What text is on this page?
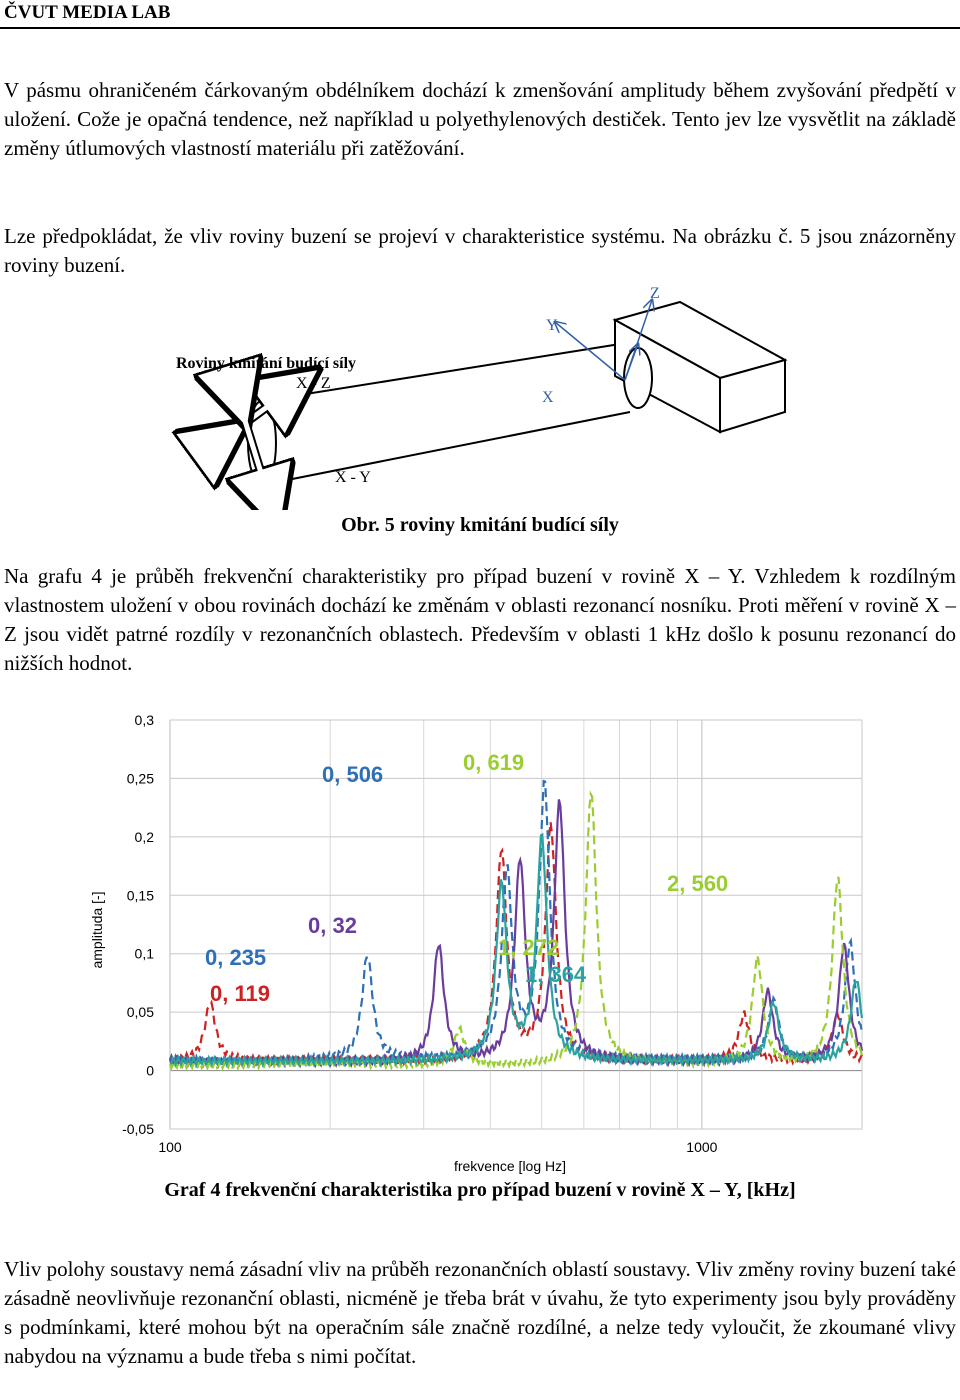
ČVUT MEDIA LAB

V pásmu ohraničeném čárkovaným obdélníkem dochází k zmenšování amplitudy během zvyšování předpětí v uložení. Cože je opačná tendence, než například u polyethylenových destiček. Tento jev lze vysvětlit na základě změny útlumových vlastností materiálu při zatěžování.

Lze předpokládat, že vliv roviny buzení se projeví v charakteristice systému. Na obrázku č. 5 jsou znázorněny roviny buzení.

Roviny kmitání budící síly
X - Z
X - Y
X
Y
Z

Obr. 5 roviny kmitání budící síly

Na grafu 4 je průběh frekvenční charakteristiky pro případ buzení v rovině X – Y. Vzhledem k rozdílným vlastnostem uložení v obou rovinách dochází ke změnám v oblasti rezonancí nosníku. Proti měření v rovině X – Z jsou vidět patrné rozdíly v rezonančních oblastech. Především v oblasti 1 kHz došlo k posunu rezonancí do nižších hodnot.

0,3
0,25
0,2
0,15
0,1
0,05
0
-0,05
100	1000
0, 119
0, 235
0, 32
0, 506	0, 619
1, 272
1, 364
2, 560
amplituda [-]
frekvence [log Hz]

Graf 4 frekvenční charakteristika pro případ buzení v rovině X – Y, [kHz]

Vliv polohy soustavy nemá zásadní vliv na průběh rezonančních oblastí soustavy. Vliv změny roviny buzení také zásadně neovlivňuje rezonanční oblasti, nicméně je třeba brát v úvahu, že tyto experimenty jsou byly prováděny s podmínkami, které mohou být na operačním sále značně rozdílné, a nelze tedy vyloučit, že zkoumané vlivy nabydou na významu a bude třeba s nimi počítat.
